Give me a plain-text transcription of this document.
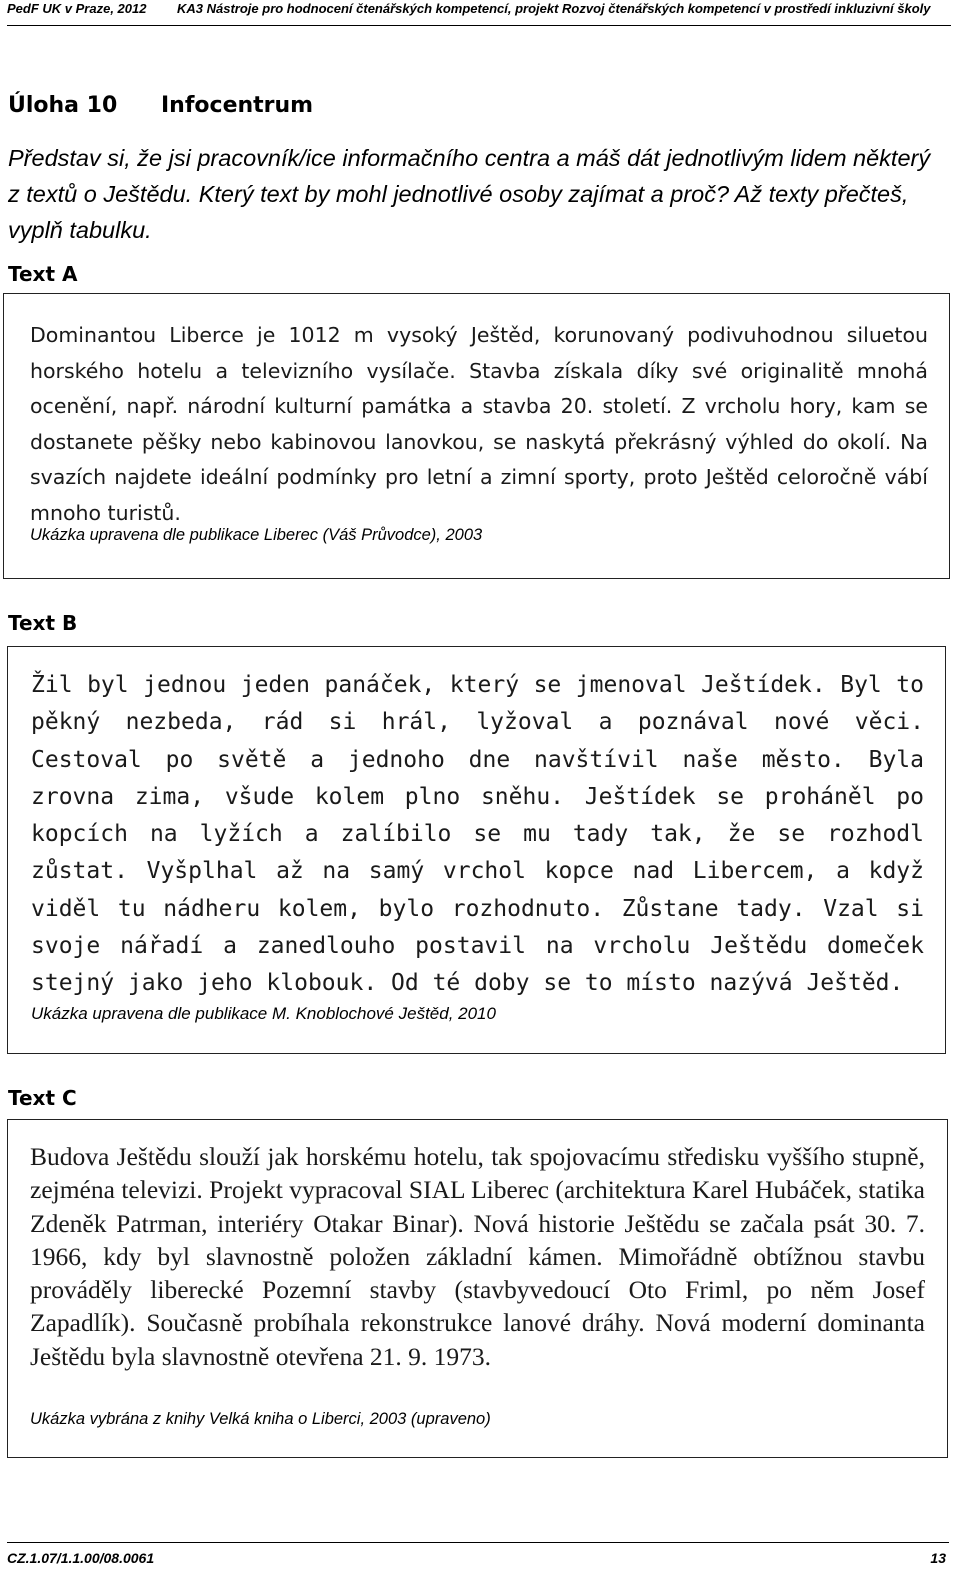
PedF UK v Praze, 2012 KA3 Nástroje pro hodnocení čtenářských kompetencí, projekt Rozvoj čtenářských kompetencí v prostředí inkluzivní školy
Úloha 10 Infocentrum

Představ si, že jsi pracovník/ice informačního centra a máš dát jednotlivým lidem některý z textů o Ještědu. Který text by mohl jednotlivé osoby zajímat a proč? Až texty přečteš, vyplň tabulku.

Text A

Dominantou Liberce je 1012 m vysoký Ještěd, korunovaný podivuhodnou siluetou horského hotelu a televizního vysílače. Stavba získala díky své originalitě mnohá ocenění, např. národní kulturní památka a stavba 20. století. Z vrcholu hory, kam se dostanete pěšky nebo kabinovou lanovkou, se naskytá překrásný výhled do okolí. Na svazích najdete ideální podmínky pro letní a zimní sporty, proto Ještěd celoročně vábí mnoho turistů.

Ukázka upravena dle publikace Liberec (Váš Průvodce), 2003

Text B

Žil byl jednou jeden panáček, který se jmenoval Ještídek. Byl to pěkný nezbeda, rád si hrál, lyžoval a poznával nové věci. Cestoval po světě a jednoho dne navštívil naše město. Byla zrovna zima, všude kolem plno sněhu. Ještídek se proháněl po kopcích na lyžích a zalíbilo se mu tady tak, že se rozhodl zůstat. Vyšplhal až na samý vrchol kopce nad Libercem, a když viděl tu nádheru kolem, bylo rozhodnuto. Zůstane tady. Vzal si svoje nářadí a zanedlouho postavil na vrcholu Ještědu domeček stejný jako jeho klobouk. Od té doby se to místo nazývá Ještěd.

Ukázka upravena dle publikace M. Knoblochové Ještěd, 2010

Text C

Budova Ještědu slouží jak horskému hotelu, tak spojovacímu středisku vyššího stupně, zejména televizi. Projekt vypracoval SIAL Liberec (architektura Karel Hubáček, statika Zdeněk Patrman, interiéry Otakar Binar). Nová historie Ještědu se začala psát 30. 7. 1966, kdy byl slavnostně položen základní kámen. Mimořádně obtížnou stavbu prováděly liberecké Pozemní stavby (stavbyvedoucí Oto Friml, po něm Josef Zapadlík). Současně probíhala rekonstrukce lanové dráhy. Nová moderní dominanta Ještědu byla slavnostně otevřena 21. 9. 1973.

Ukázka vybrána z knihy Velká kniha o Liberci, 2003 (upraveno)

CZ.1.07/1.1.00/08.0061	13
